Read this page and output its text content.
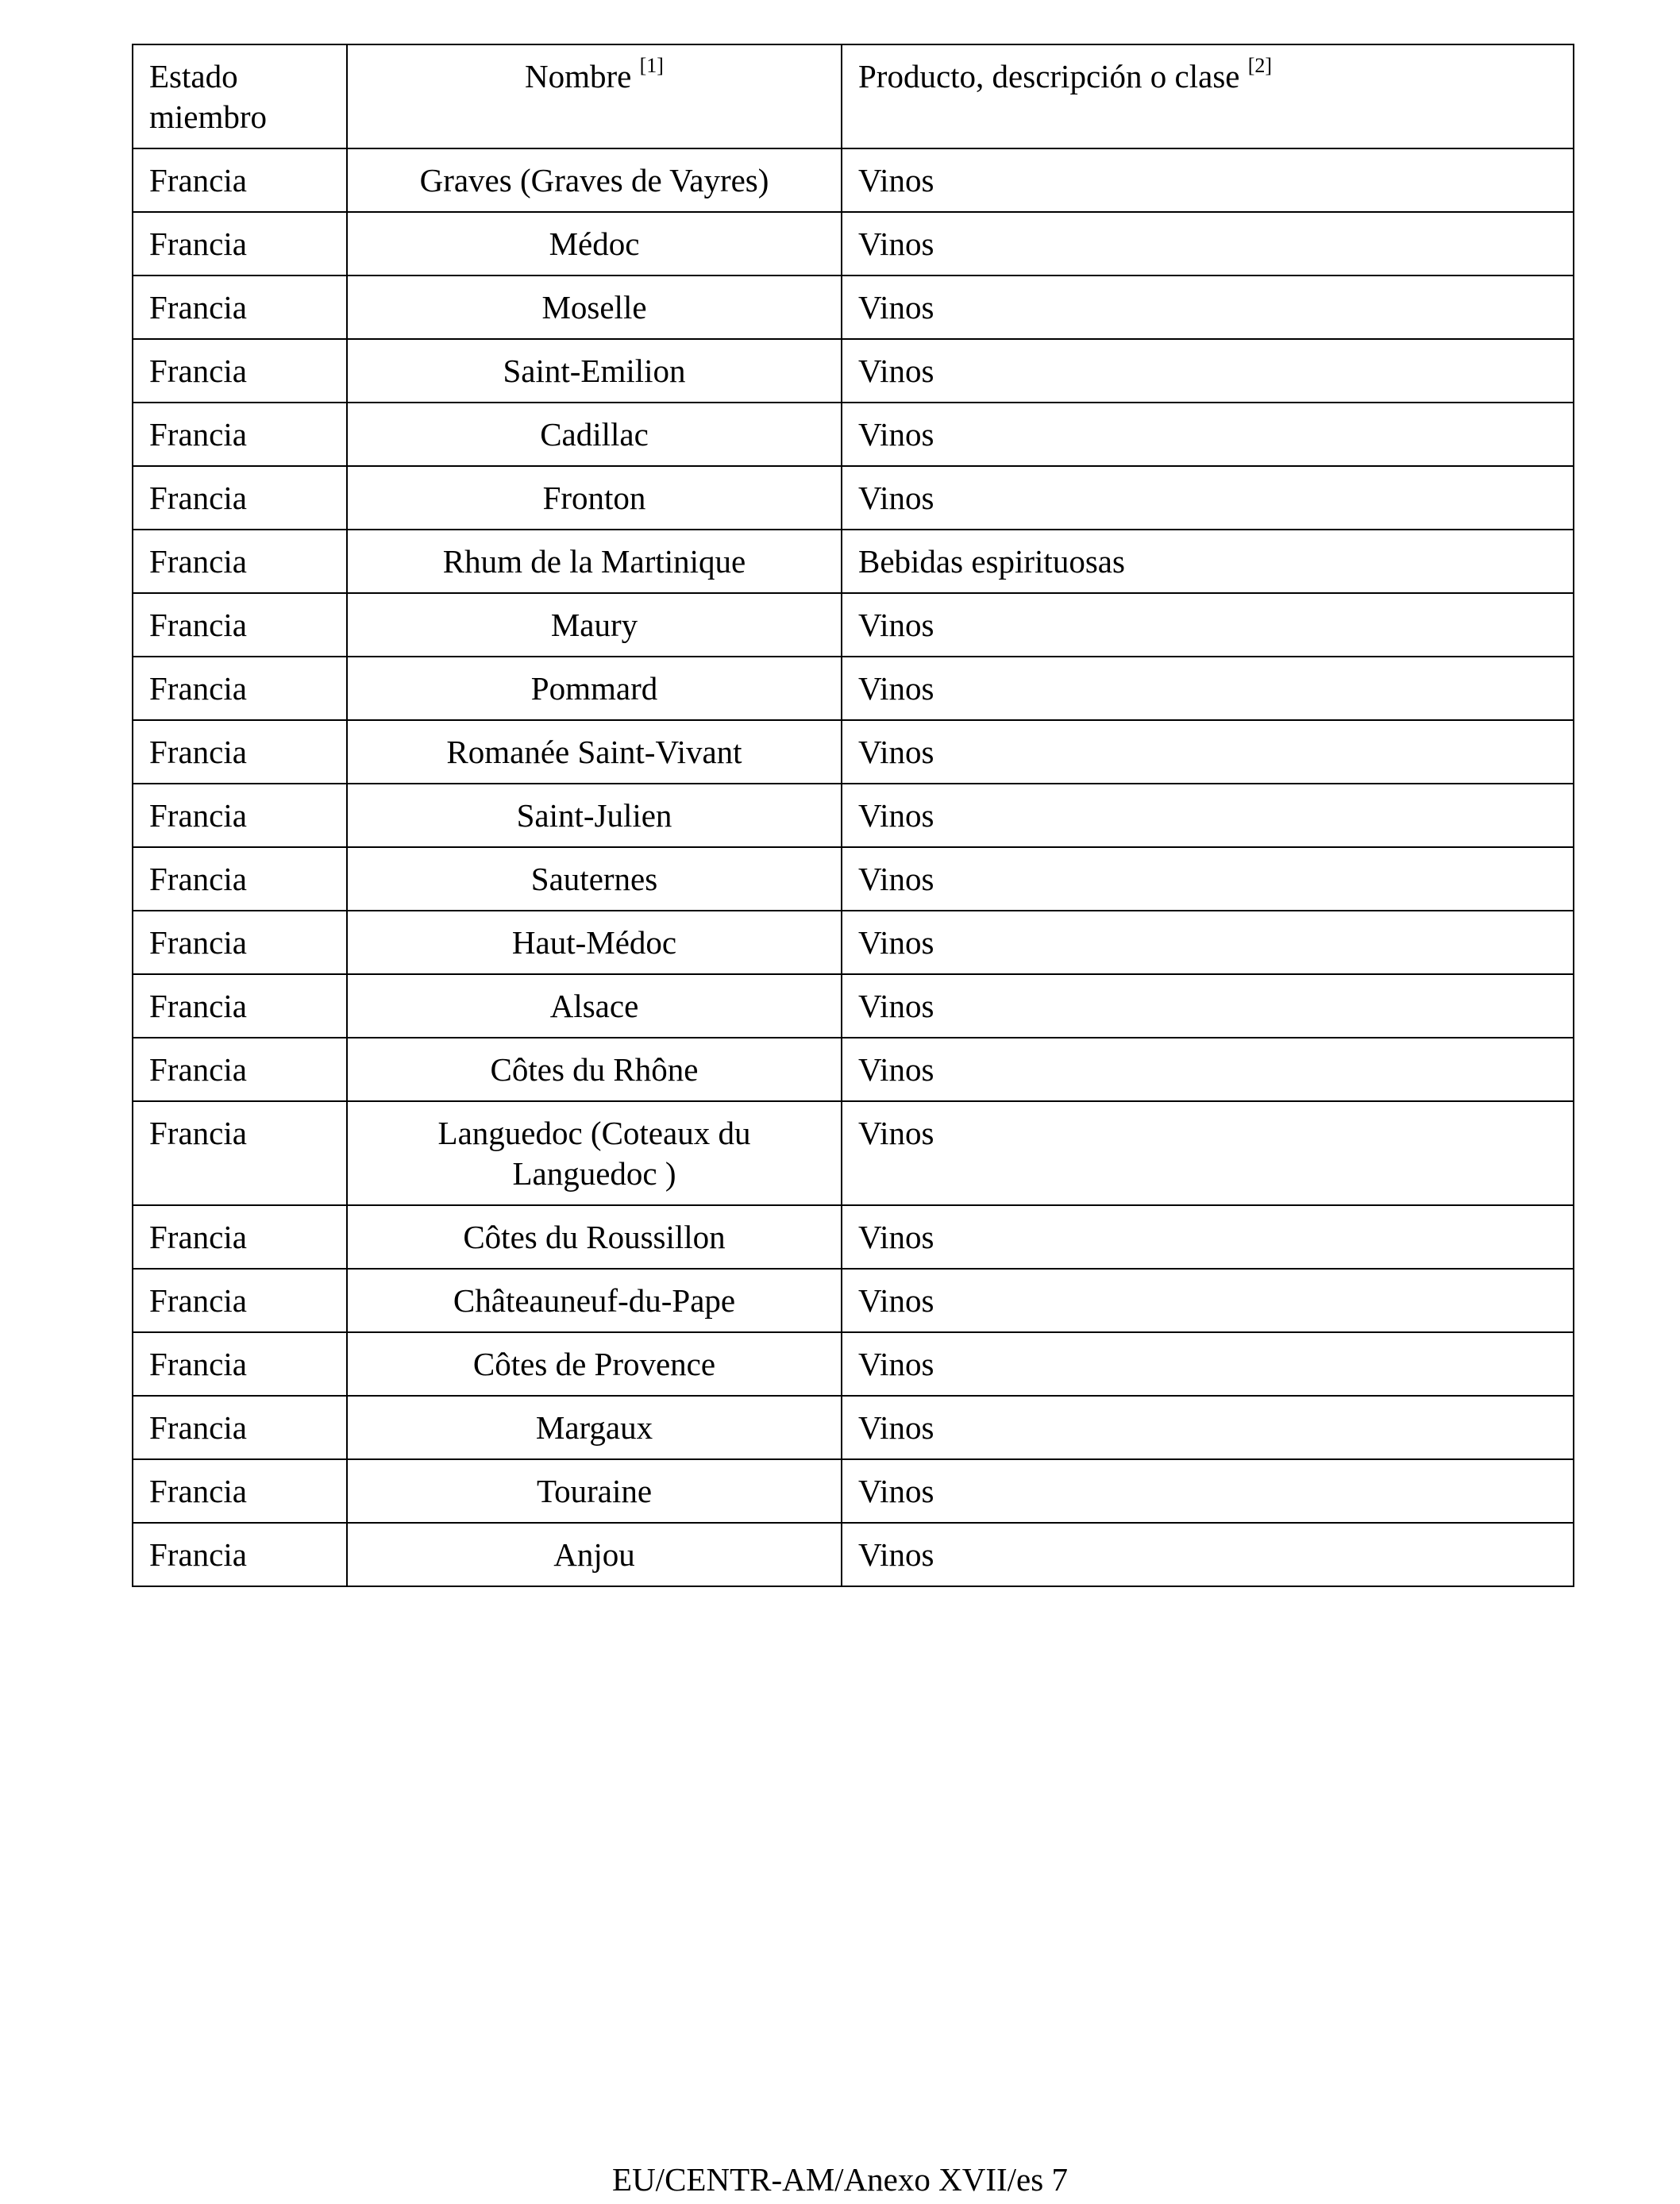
Estado miembro	Nombre [1]	Producto, descripción o clase [2]
Francia	Graves (Graves de Vayres)	Vinos
Francia	Médoc	Vinos
Francia	Moselle	Vinos
Francia	Saint-Emilion	Vinos
Francia	Cadillac	Vinos
Francia	Fronton	Vinos
Francia	Rhum de la Martinique	Bebidas espirituosas
Francia	Maury	Vinos
Francia	Pommard	Vinos
Francia	Romanée Saint-Vivant	Vinos
Francia	Saint-Julien	Vinos
Francia	Sauternes	Vinos
Francia	Haut-Médoc	Vinos
Francia	Alsace	Vinos
Francia	Côtes du Rhône	Vinos
Francia	Languedoc (Coteaux du Languedoc )	Vinos
Francia	Côtes du Roussillon	Vinos
Francia	Châteauneuf-du-Pape	Vinos
Francia	Côtes de Provence	Vinos
Francia	Margaux	Vinos
Francia	Touraine	Vinos
Francia	Anjou	Vinos
EU/CENTR-AM/Anexo XVII/es 7
